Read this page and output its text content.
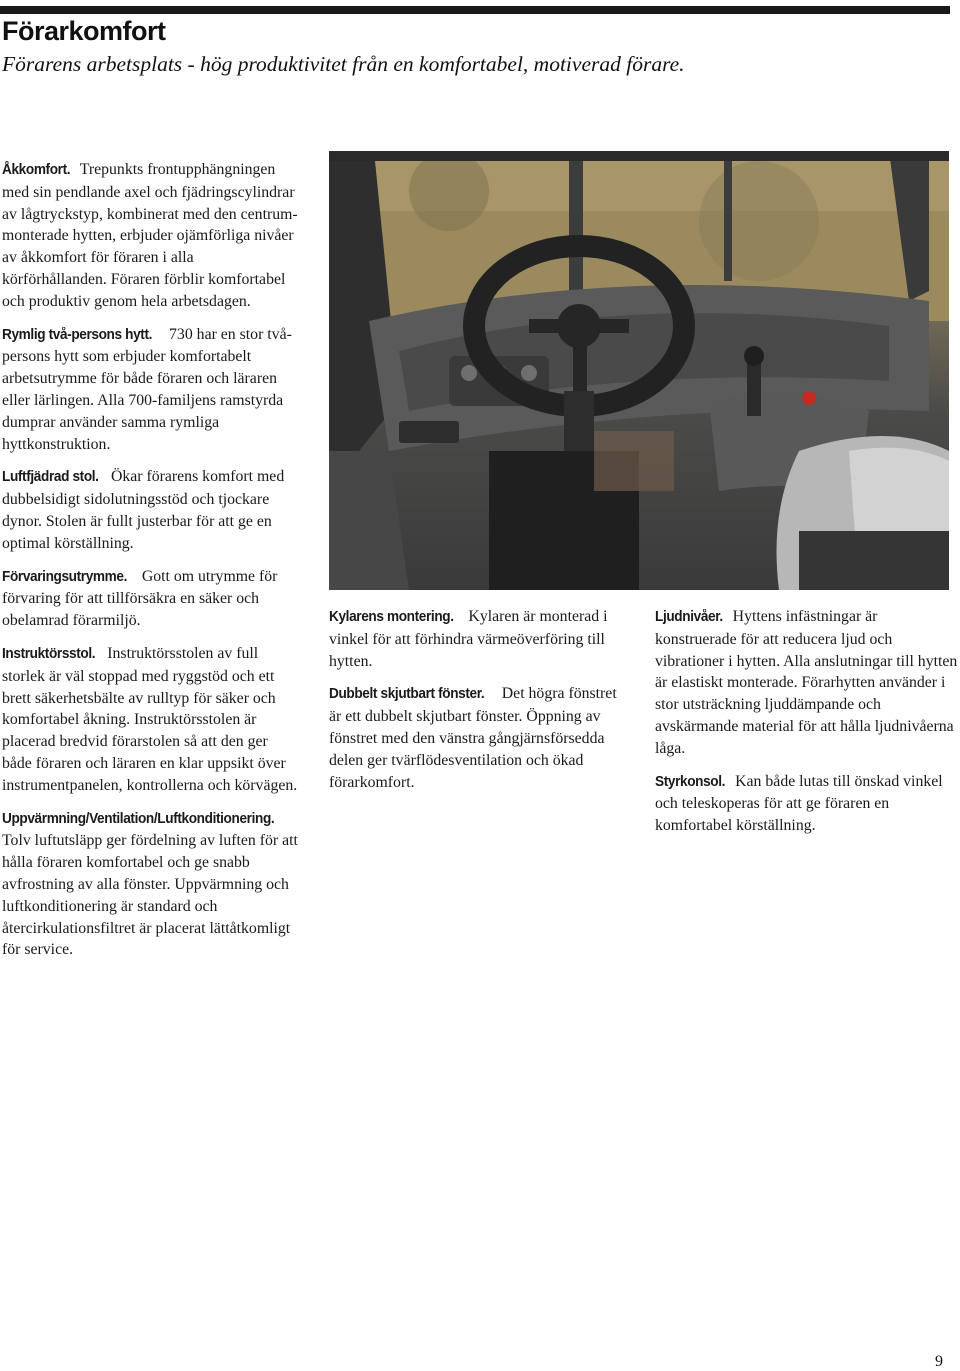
Förarkomfort

Förarens arbetsplats - hög produktivitet från en komfortabel, motiverad förare.

Åkkomfort. Trepunkts frontupphängningen med sin pendlande axel och fjädringscylindrar av lågtryckstyp, kombinerat med den centrum-monterade hytten, erbjuder ojämförliga nivåer av åkkomfort för föraren i alla körförhållanden. Föraren förblir komfortabel och produktiv genom hela arbetsdagen.

Rymlig två-persons hytt. 730 har en stor två-persons hytt som erbjuder komfortabelt arbetsutrymme för både föraren och läraren eller lärlingen. Alla 700-familjens ramstyrda dumprar använder samma rymliga hyttkonstruktion.

Luftfjädrad stol. Ökar förarens komfort med dubbelsidigt sidolutningsstöd och tjockare dynor. Stolen är fullt justerbar för att ge en optimal körställning.

Förvaringsutrymme. Gott om utrymme för förvaring för att tillförsäkra en säker och obelamrad förarmiljö.

Instruktörsstol. Instruktörsstolen av full storlek är väl stoppad med ryggstöd och ett brett säkerhetsbälte av rulltyp för säker och komfortabel åkning. Instruktörsstolen är placerad bredvid förarstolen så att den ger både föraren och läraren en klar uppsikt över instrumentpanelen, kontrollerna och körvägen.

Uppvärmning/Ventilation/Luftkonditionering. Tolv luftutsläpp ger fördelning av luften för att hålla föraren komfortabel och ge snabb avfrostning av alla fönster. Uppvärmning och luftkonditionering är standard och återcirkulationsfiltret är placerat lättåtkomligt för service.

Kylarens montering. Kylaren är monterad i vinkel för att förhindra värmeöverföring till hytten.

Dubbelt skjutbart fönster. Det högra fönstret är ett dubbelt skjutbart fönster. Öppning av fönstret med den vänstra gångjärnsförsedda delen ger tvärflödesventilation och ökad förarkomfort.

Ljudnivåer. Hyttens infästningar är konstruerade för att reducera ljud och vibrationer i hytten. Alla anslutningar till hytten är elastiskt monterade. Förarhytten använder i stor utsträckning ljuddämpande och avskärmande material för att hålla ljudnivåerna låga.

Styrkonsol. Kan både lutas till önskad vinkel och teleskoperas för att ge föraren en komfortabel körställning.

9
